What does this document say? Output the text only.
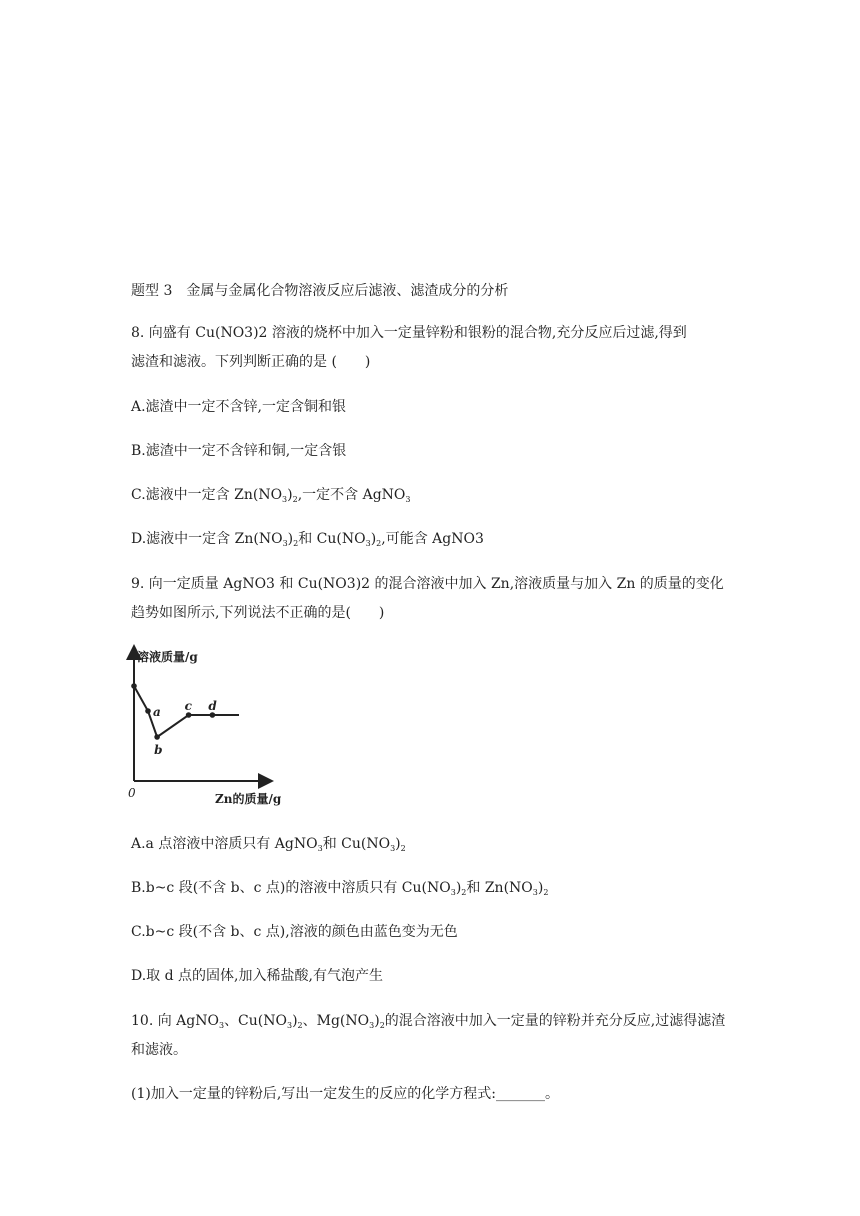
题型 3　金属与金属化合物溶液反应后滤液、滤渣成分的分析
8. 向盛有 Cu(NO3)2 溶液的烧杯中加入一定量锌粉和银粉的混合物,充分反应后过滤,得到
滤渣和滤液。下列判断正确的是 (　　)
A.滤渣中一定不含锌,一定含铜和银
B.滤渣中一定不含锌和铜,一定含银
C.滤液中一定含 $Zn(NO_3)_2$,一定不含 AgNO$_3$
D.滤液中一定含 $Zn(NO_3)_2$和 $Cu(NO_3)_2$,可能含 AgNO3
9. 向一定质量 AgNO3 和 Cu(NO3)2 的混合溶液中加入 Zn,溶液质量与加入 Zn 的质量的变化
趋势如图所示,下列说法不正确的是(　　)
溶液质量/g
Zn的质量/g
0
a
b
c d
A.a 点溶液中溶质只有 AgNO$_3$和 $Cu(NO_3)_2$
B.b~c 段(不含 b、c 点)的溶液中溶质只有 $Cu(NO_3)_2$和 $Zn(NO_3)_2$
C.b~c 段(不含 b、c 点),溶液的颜色由蓝色变为无色
D.取 d 点的固体,加入稀盐酸,有气泡产生
10. 向 AgNO$_3$、$Cu(NO_3)_2$、$Mg(NO_3)_2$的混合溶液中加入一定量的锌粉并充分反应,过滤得滤渣
和滤液。
(1)加入一定量的锌粉后,写出一定发生的反应的化学方程式:_______。
